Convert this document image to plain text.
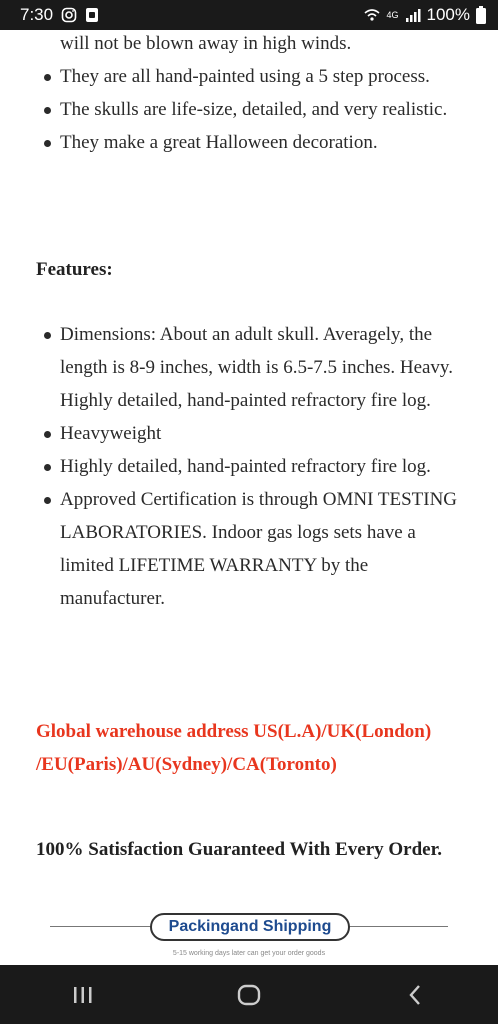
7:30	4G 100%
will not be blown away in high winds.
They are all hand-painted using a 5 step process.
The skulls are life-size, detailed, and very realistic.
They make a great Halloween decoration.
Features:
Dimensions: About an adult skull. Averagely, the length is 8-9 inches, width is 6.5-7.5 inches. Heavy. Highly detailed, hand-painted refractory fire log.
Heavyweight
Highly detailed, hand-painted refractory fire log.
Approved Certification is through OMNI TESTING LABORATORIES. Indoor gas logs sets have a limited LIFETIME WARRANTY by the manufacturer.
Global warehouse address US(L.A)/UK(London) /EU(Paris)/AU(Sydney)/CA(Toronto)
100% Satisfaction Guaranteed With Every Order.
Packing and Shipping
5-15 working days later can get your order goods
